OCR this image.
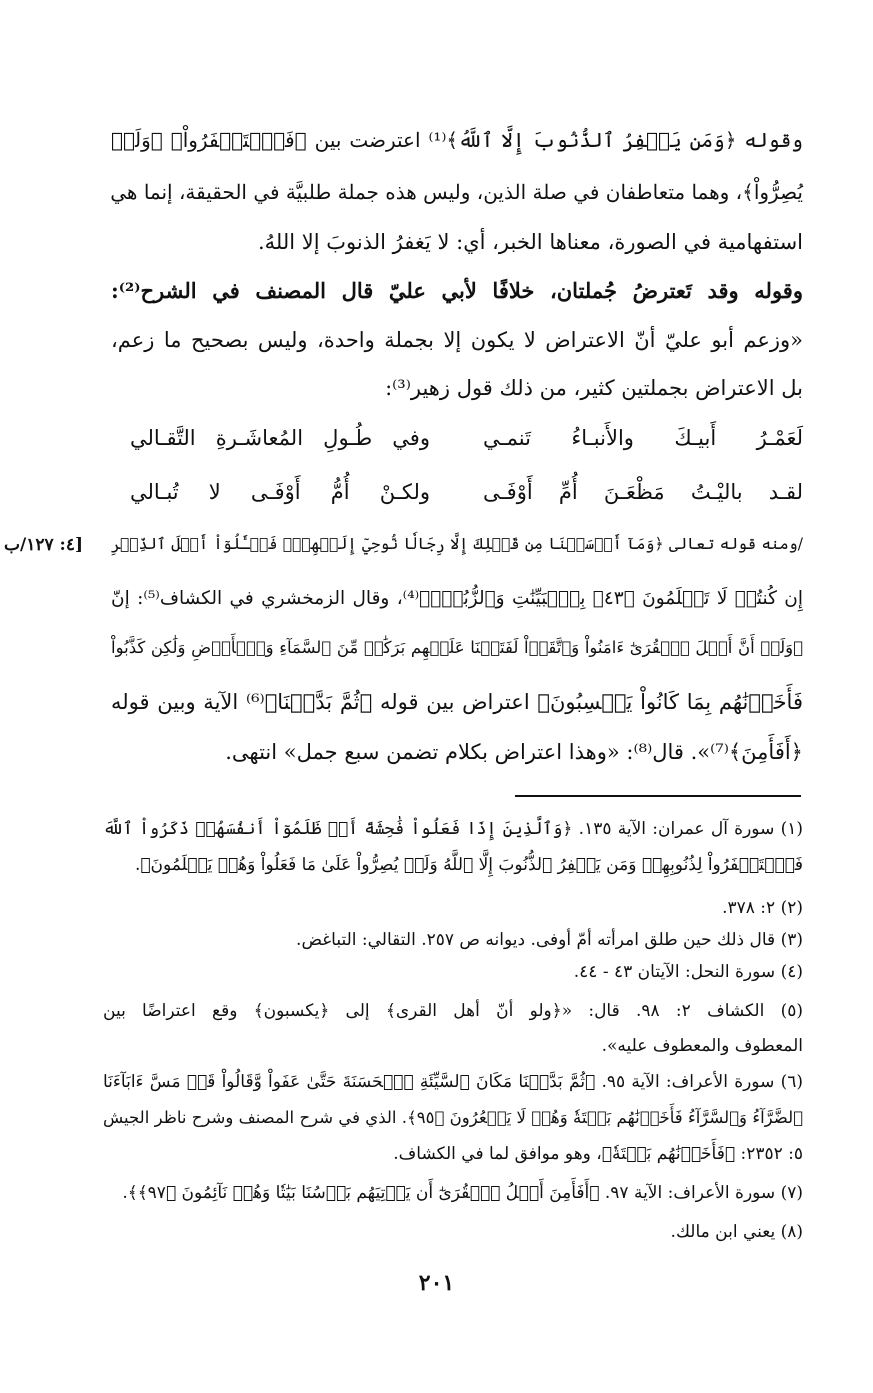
وقوله ﴿وَمَن يَغۡفِرُ ٱلذُّنُوبَ إِلَّا ٱللَّهُ﴾⁽¹⁾ اعترضت بين ﴿فَٱسۡتَغۡفَرُواْ﴾ ﴿وَلَمۡ
يُصِرُّواْ﴾، وهما متعاطفان في صلة الذين، وليس هذه جملة طلبيَّة في الحقيقة، إنما هي
استفهامية في الصورة، معناها الخبر، أي: لا يَغفرُ الذنوبَ إلا اللهُ.
وقوله وقد تَعترضُ جُملتان، خلافًا لأبي عليّ قال المصنف في الشرح⁽²⁾:
«وزعم أبو عليّ أنّ الاعتراض لا يكون إلا بجملة واحدة، وليس بصحيح ما زعم،
بل الاعتراض بجملتين كثير، من ذلك قول زهير⁽³⁾:
لَعَمْـرُ أَبيـكَ والأَنبـاءُ تَنمـي
وفي طُـولِ المُعاشَـرةِ التَّقـالي
لقـد باليْـتُ مَظْعَـنَ أُمِّ أَوْفَـى
ولكـنْ أُمُّ أَوْفَـى لا تُبـالي
[٤: ١٢٧/ب /ومنه قوله تعالى ﴿وَمَآ أَرۡسَلۡنَا مِن قَبۡلِكَ إِلَّا رِجَالٗا نُّوحِيٓ إِلَيۡهِمۡۖ فَسۡـَٔلُوٓاْ أَهۡلَ ٱلذِّكۡرِ
إِن كُنتُمۡ لَا تَعۡلَمُونَ ﴿٤٣﴾ بِٱلۡبَيِّنَٰتِ وَٱلزُّبُرِۗ﴾⁽⁴⁾، وقال الزمخشري في الكشاف⁽⁵⁾: إنّ
﴿وَلَوۡ أَنَّ أَهۡلَ ٱلۡقُرَىٰٓ ءَامَنُواْ وَٱتَّقَوۡاْ لَفَتَحۡنَا عَلَيۡهِم بَرَكَٰتٖ مِّنَ ٱلسَّمَآءِ وَٱلۡأَرۡضِ وَلَٰكِن كَذَّبُواْ
فَأَخَذۡنَٰهُم بِمَا كَانُواْ يَكۡسِبُونَ﴾ اعتراض بين قوله ﴿ثُمَّ بَدَّلۡنَا﴾⁽⁶⁾ الآية وبين قوله
﴿أَفَأَمِنَ﴾⁽⁷⁾». قال⁽⁸⁾: «وهذا اعتراض بكلام تضمن سبع جمل» انتهى.
(١) سورة آل عمران: الآية ١٣٥. ﴿وَٱلَّذِينَ إِذَا فَعَلُواْ فَٰحِشَةً أَوۡ ظَلَمُوٓاْ أَنفُسَهُمۡ ذَكَرُواْ ٱللَّهَ
فَٱسۡتَغۡفَرُواْ لِذُنُوبِهِمۡ وَمَن يَغۡفِرُ ٱلذُّنُوبَ إِلَّا ٱللَّهُ وَلَمۡ يُصِرُّواْ عَلَىٰ مَا فَعَلُواْ وَهُمۡ يَعۡلَمُونَ﴾.
(٢) ٢: ٣٧٨.
(٣) قال ذلك حين طلق امرأته أمّ أوفى. ديوانه ص ٢٥٧. التقالي: التباغض.
(٤) سورة النحل: الآيتان ٤٣ - ٤٤.
(٥) الكشاف ٢: ٩٨. قال: «﴿ولو أنّ أهل القرى﴾ إلى ﴿يكسبون﴾ وقع اعتراضًا بين
المعطوف والمعطوف عليه».
(٦) سورة الأعراف: الآية ٩٥. ﴿ثُمَّ بَدَّلۡنَا مَكَانَ ٱلسَّيِّئَةِ ٱلۡحَسَنَةَ حَتَّىٰ عَفَواْ وَّقَالُواْ قَدۡ مَسَّ ءَابَآءَنَا
ٱلضَّرَّآءُ وَٱلسَّرَّآءُ فَأَخَذۡنَٰهُم بَغۡتَةٗ وَهُمۡ لَا يَشۡعُرُونَ ﴿٩٥﴾. الذي في شرح المصنف وشرح ناظر الجيش
٥: ٢٣٥٢: ﴿فَأَخَذۡنَٰهُم بَغۡتَةٗ﴾، وهو موافق لما في الكشاف.
(٧) سورة الأعراف: الآية ٩٧. ﴿أَفَأَمِنَ أَهۡلُ ٱلۡقُرَىٰٓ أَن يَأۡتِيَهُم بَأۡسُنَا بَيَٰتٗا وَهُمۡ نَآئِمُونَ ﴿٩٧﴾﴾.
(٨) يعني ابن مالك.
٢٠١
